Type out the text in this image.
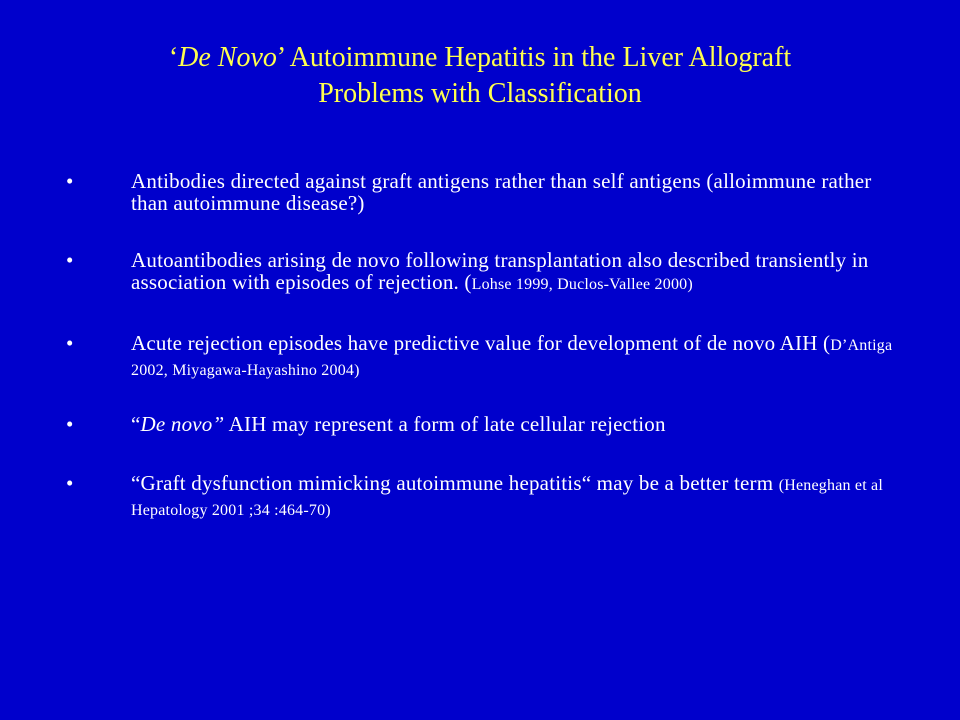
‘De Novo’ Autoimmune Hepatitis in the Liver Allograft
Problems with Classification
•	Antibodies directed against graft antigens rather than self antigens (alloimmune rather than autoimmune disease?)
•	Autoantibodies arising de novo following transplantation also described transiently in association with episodes of rejection. (Lohse 1999, Duclos-Vallee 2000)
•	Acute rejection episodes have predictive value for development of de novo AIH (D’Antiga 2002, Miyagawa-Hayashino 2004)
•	“De novo” AIH may represent a form of late cellular rejection
•	“Graft dysfunction mimicking autoimmune hepatitis“ may be a better term (Heneghan et al Hepatology 2001 ;34 :464-70)
